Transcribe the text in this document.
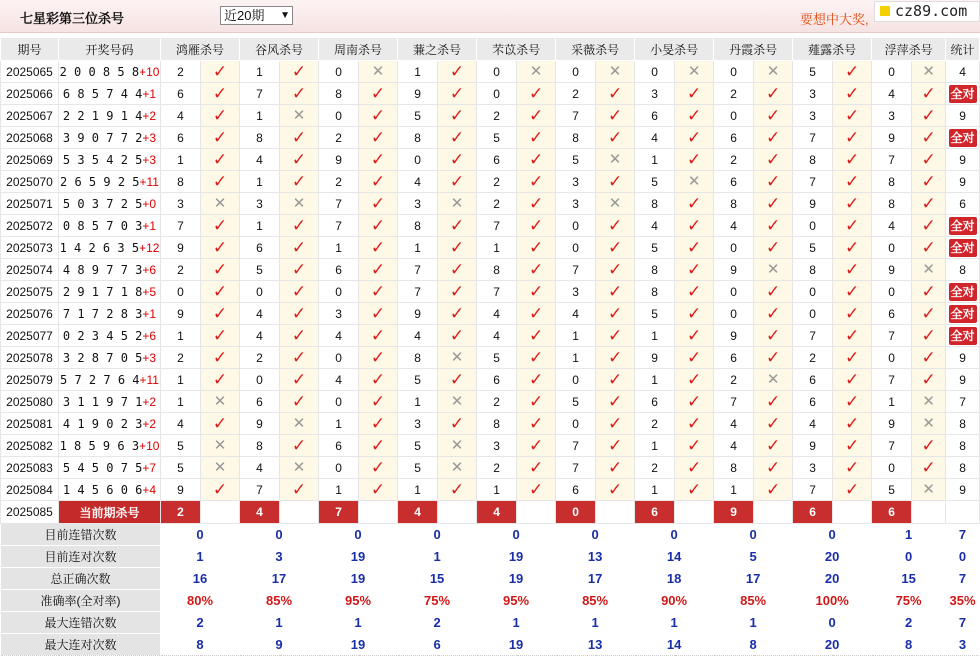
七星彩第三位杀号	近20期 ▼	要想中大奖, cz89.com
期号	开奖号码	鸿雁杀号		谷风杀号		周南杀号		蒹之杀号		芣苡杀号		采薇杀号		小旻杀号		丹霞杀号		薤露杀号		浮萍杀号		统计
2025065	2 0 0 8 5 8+10	2	✓	1	✓	0	✕	1	✓	0	✕	0	✕	0	✕	0	✕	5	✓	0	✕	4
2025066	6 8 5 7 4 4+1	6	✓	7	✓	8	✓	9	✓	0	✓	2	✓	3	✓	2	✓	3	✓	4	✓	全对
2025067	2 2 1 9 1 4+2	4	✓	1	✕	0	✓	5	✓	2	✓	7	✓	6	✓	0	✓	3	✓	3	✓	9
2025068	3 9 0 7 7 2+3	6	✓	8	✓	2	✓	8	✓	5	✓	8	✓	4	✓	6	✓	7	✓	9	✓	全对
2025069	5 3 5 4 2 5+3	1	✓	4	✓	9	✓	0	✓	6	✓	5	✕	1	✓	2	✓	8	✓	7	✓	9
2025070	2 6 5 9 2 5+11	8	✓	1	✓	2	✓	4	✓	2	✓	3	✓	5	✕	6	✓	7	✓	8	✓	9
2025071	5 0 3 7 2 5+0	3	✕	3	✕	7	✓	3	✕	2	✓	3	✕	8	✓	8	✓	9	✓	8	✓	6
2025072	0 8 5 7 0 3+1	7	✓	1	✓	7	✓	8	✓	7	✓	0	✓	4	✓	4	✓	0	✓	4	✓	全对
2025073	1 4 2 6 3 5+12	9	✓	6	✓	1	✓	1	✓	1	✓	0	✓	5	✓	0	✓	5	✓	0	✓	全对
2025074	4 8 9 7 7 3+6	2	✓	5	✓	6	✓	7	✓	8	✓	7	✓	8	✓	9	✕	8	✓	9	✕	8
2025075	2 9 1 7 1 8+5	0	✓	0	✓	0	✓	7	✓	7	✓	3	✓	8	✓	0	✓	0	✓	0	✓	全对
2025076	7 1 7 2 8 3+1	9	✓	4	✓	3	✓	9	✓	4	✓	4	✓	5	✓	0	✓	0	✓	6	✓	全对
2025077	0 2 3 4 5 2+6	1	✓	4	✓	4	✓	4	✓	4	✓	1	✓	1	✓	9	✓	7	✓	7	✓	全对
2025078	3 2 8 7 0 5+3	2	✓	2	✓	0	✓	8	✕	5	✓	1	✓	9	✓	6	✓	2	✓	0	✓	9
2025079	5 7 2 7 6 4+11	1	✓	0	✓	4	✓	5	✓	6	✓	0	✓	1	✓	2	✕	6	✓	7	✓	9
2025080	3 1 1 9 7 1+2	1	✕	6	✓	0	✓	1	✕	2	✓	5	✓	6	✓	7	✓	6	✓	1	✕	7
2025081	4 1 9 0 2 3+2	4	✓	9	✕	1	✓	3	✓	8	✓	0	✓	2	✓	4	✓	4	✓	9	✕	8
2025082	1 8 5 9 6 3+10	5	✕	8	✓	6	✓	5	✕	3	✓	7	✓	1	✓	4	✓	9	✓	7	✓	8
2025083	5 4 5 0 7 5+7	5	✕	4	✕	0	✓	5	✕	2	✓	7	✓	2	✓	8	✓	3	✓	0	✓	8
2025084	1 4 5 6 0 6+4	9	✓	7	✓	1	✓	1	✓	1	✓	6	✓	1	✓	1	✓	7	✓	5	✕	9
2025085	当前期杀号	2		4		7		4		4		0		6		9		6		6		
目前连错次数		0		0		0		0		0		0		0		0		0		1		7
目前连对次数		1		3		19		1		19		13		14		5		20		0		0
总正确次数		16		17		19		15		19		17		18		17		20		15		7
准确率(全对率)		80%		85%		95%		75%		95%		85%		90%		85%		100%		75%		35%
最大连错次数		2		1		1		2		1		1		1		1		0		2		7
最大连对次数		8		9		19		6		19		13		14		8		20		8		3
